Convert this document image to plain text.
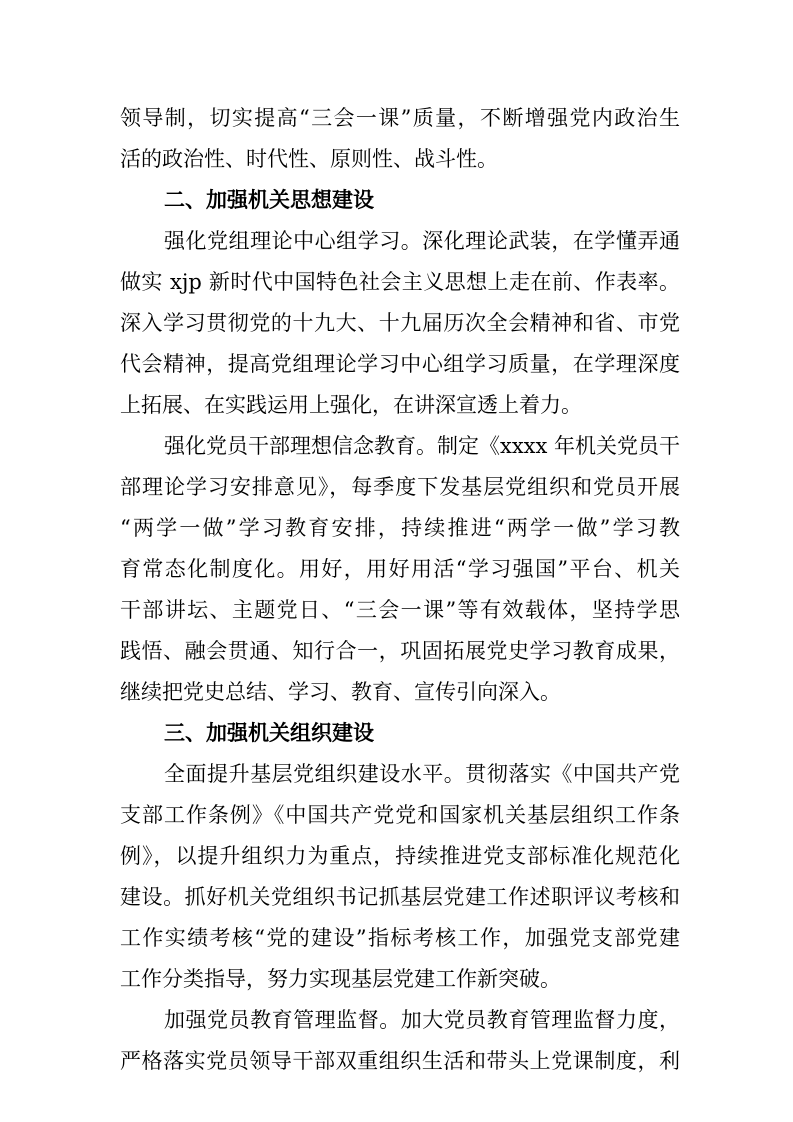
领导制，切实提高“三会一课”质量，不断增强党内政治生
活的政治性、时代性、原则性、战斗性。
二、加强机关思想建设
强化党组理论中心组学习。深化理论武装，在学懂弄通
做实 xjp 新时代中国特色社会主义思想上走在前、作表率。
深入学习贯彻党的十九大、十九届历次全会精神和省、市党
代会精神，提高党组理论学习中心组学习质量，在学理深度
上拓展、在实践运用上强化，在讲深宣透上着力。
强化党员干部理想信念教育。制定《xxxx 年机关党员干
部理论学习安排意见》，每季度下发基层党组织和党员开展
“两学一做”学习教育安排，持续推进“两学一做”学习教
育常态化制度化。用好，用好用活“学习强国”平台、机关
干部讲坛、主题党日、“三会一课”等有效载体，坚持学思
践悟、融会贯通、知行合一，巩固拓展党史学习教育成果，
继续把党史总结、学习、教育、宣传引向深入。
三、加强机关组织建设
全面提升基层党组织建设水平。贯彻落实《中国共产党
支部工作条例》《中国共产党党和国家机关基层组织工作条
例》，以提升组织力为重点，持续推进党支部标准化规范化
建设。抓好机关党组织书记抓基层党建工作述职评议考核和
工作实绩考核“党的建设”指标考核工作，加强党支部党建
工作分类指导，努力实现基层党建工作新突破。
加强党员教育管理监督。加大党员教育管理监督力度，
严格落实党员领导干部双重组织生活和带头上党课制度，利
